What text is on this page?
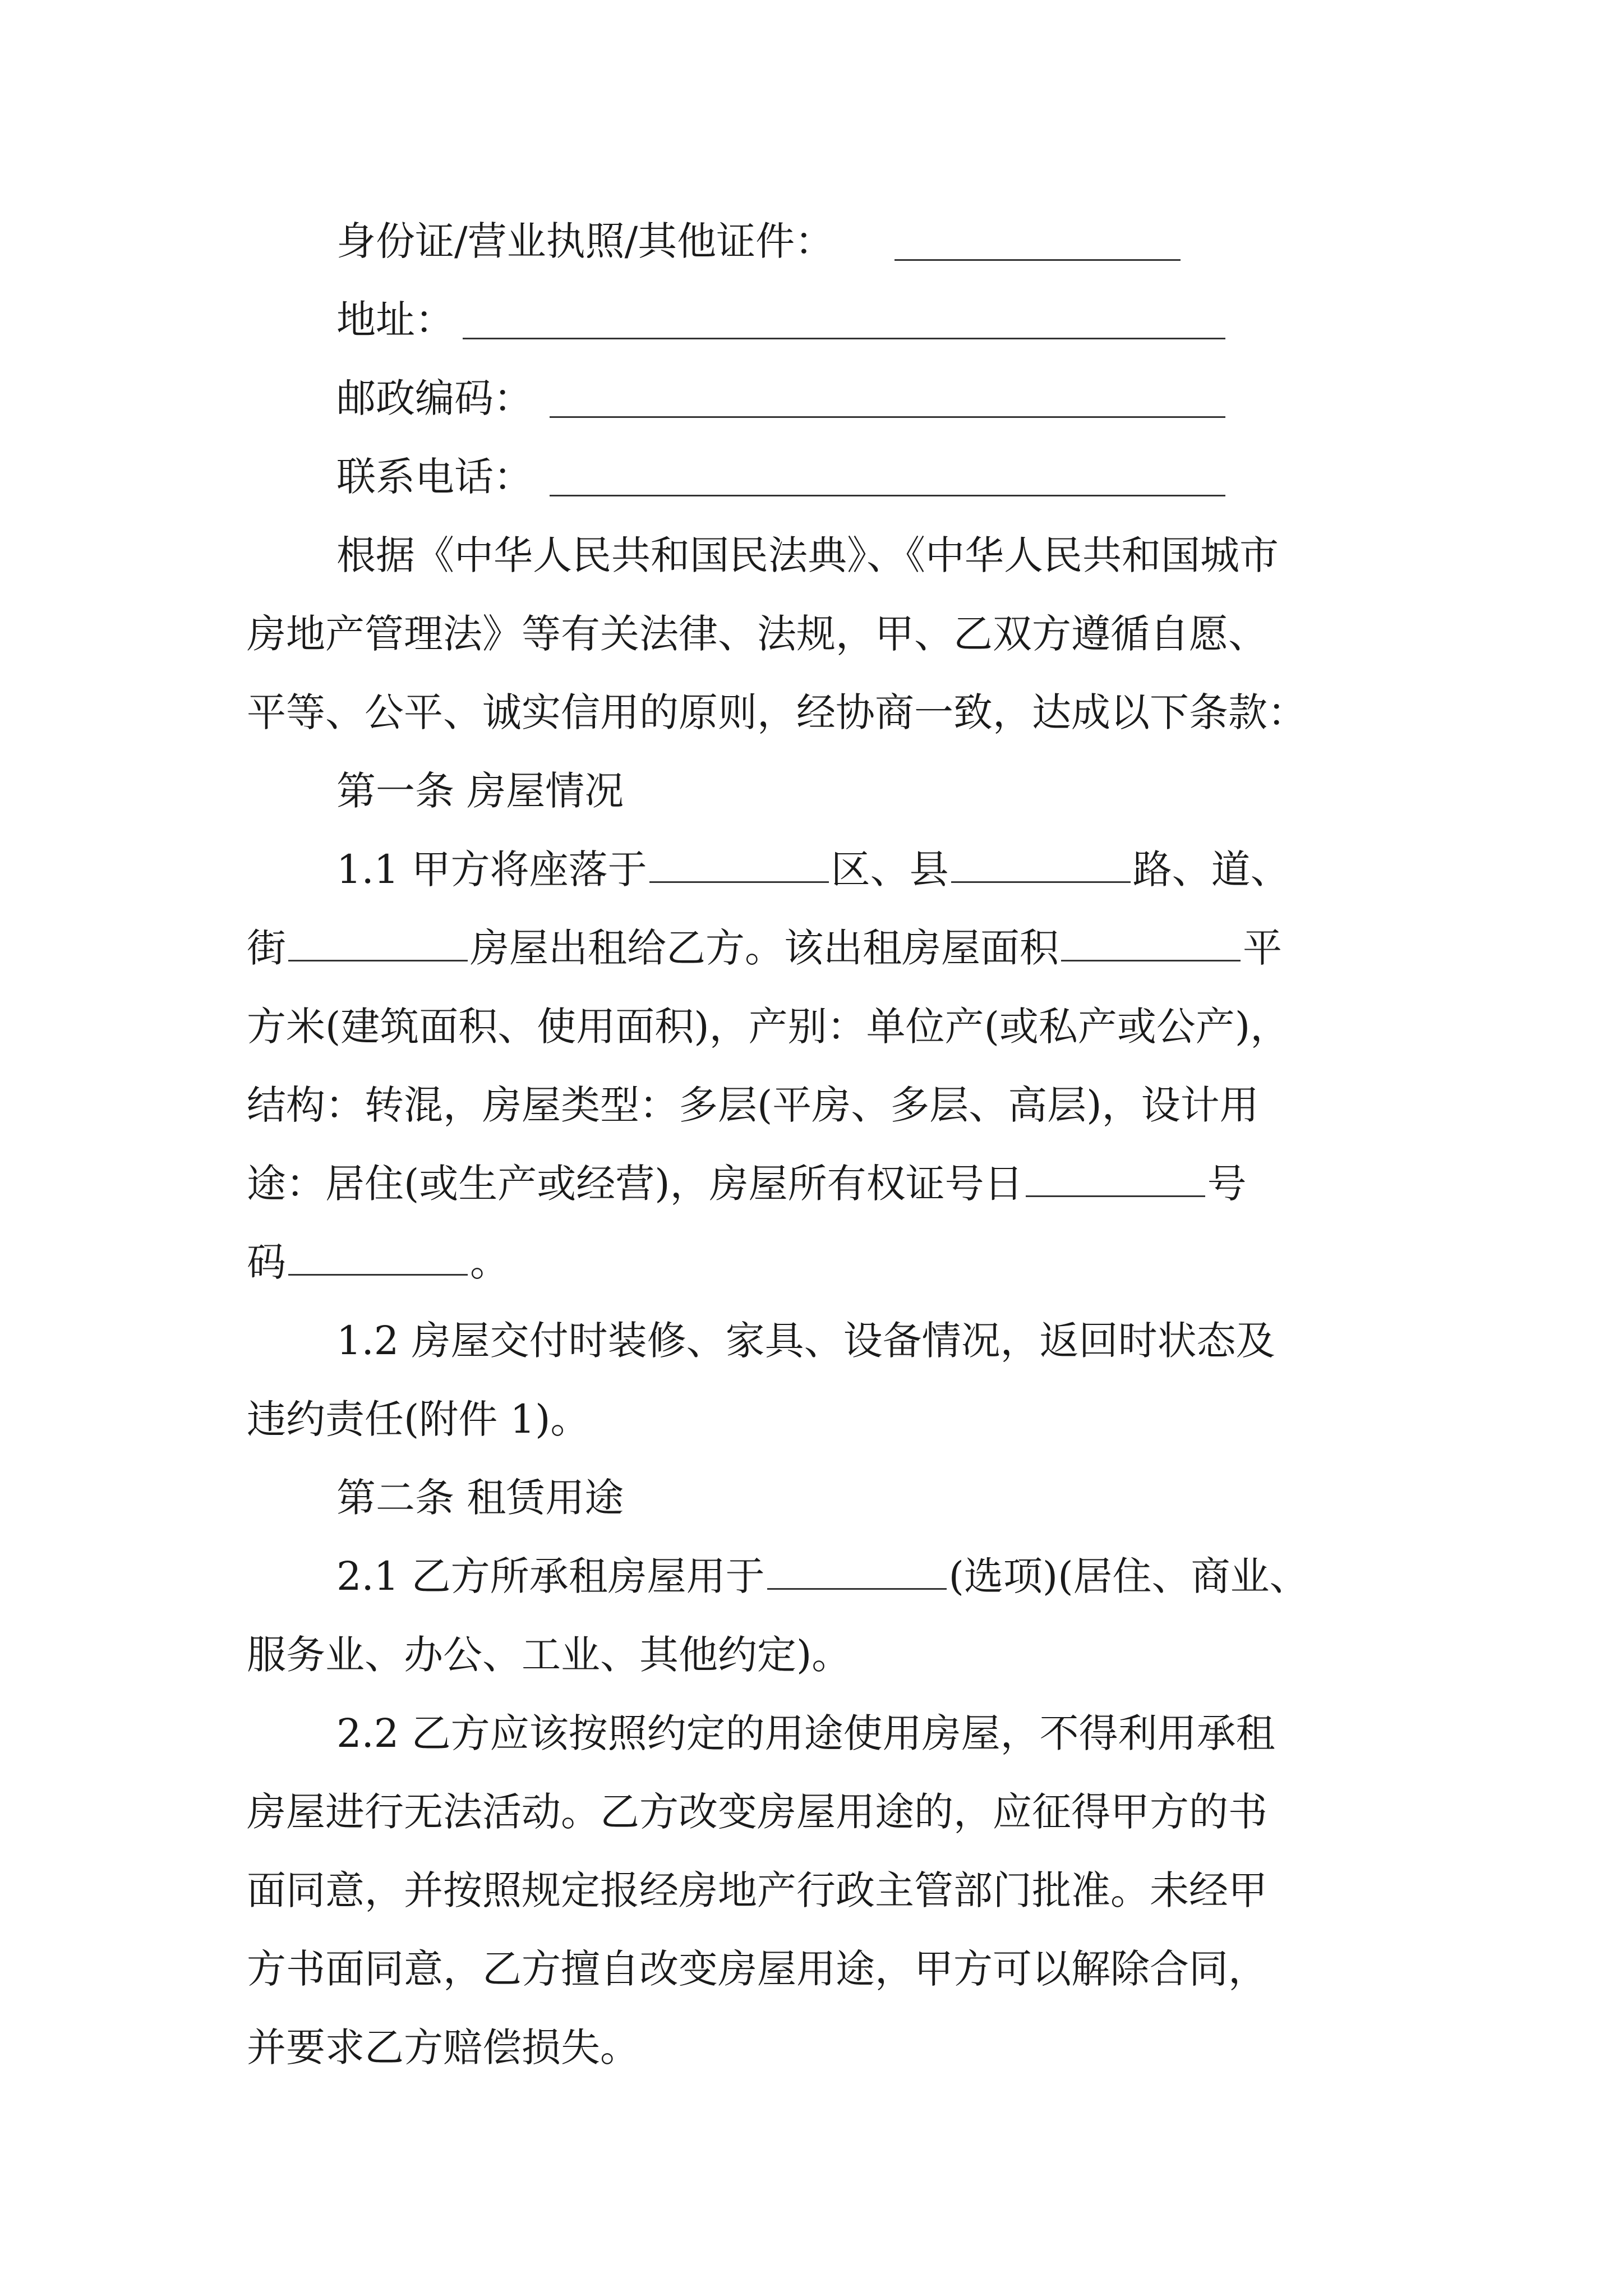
身份证/营业执照/其他证件：
地址：
邮政编码：
联系电话：
根据《中华人民共和国民法典》、《中华人民共和国城市
房地产管理法》等有关法律、法规，甲、乙双方遵循自愿、
平等、公平、诚实信用的原则，经协商一致，达成以下条款：
第一条 房屋情况
1.1 甲方将座落于	区、县	路、道、
街	房屋出租给乙方。该出租房屋面积	平
方米(建筑面积、使用面积)，产别：单位产(或私产或公产)，
结构：转混，房屋类型：多层(平房、多层、高层)，设计用
途：居住(或生产或经营)，房屋所有权证号日	号
码	。
1.2 房屋交付时装修、家具、设备情况，返回时状态及
违约责任(附件 1)。
第二条 租赁用途
2.1 乙方所承租房屋用于	(选项)(居住、商业、
服务业、办公、工业、其他约定)。
2.2 乙方应该按照约定的用途使用房屋，不得利用承租
房屋进行无法活动。乙方改变房屋用途的，应征得甲方的书
面同意，并按照规定报经房地产行政主管部门批准。未经甲
方书面同意，乙方擅自改变房屋用途，甲方可以解除合同，
并要求乙方赔偿损失。
